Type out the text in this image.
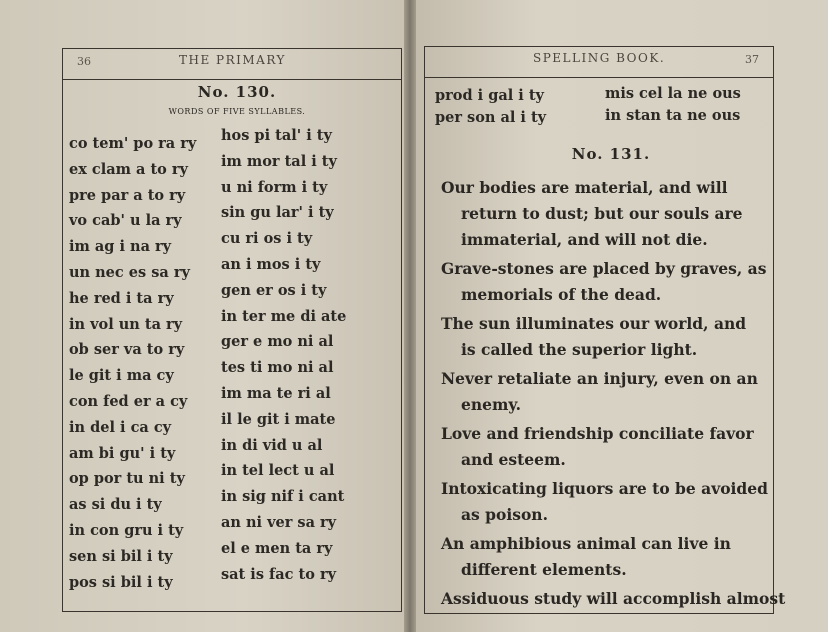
36	THE PRIMARY
No. 130.
WORDS OF FIVE SYLLABLES.
co tem' po ra ry
ex clam a to ry
pre par a to ry
vo cab' u la ry
im ag i na ry
un nec es sa ry
he red i ta ry
in vol un ta ry
ob ser va to ry
le git i ma cy
con fed er a cy
in del i ca cy
am bi gu' i ty
op por tu ni ty
as si du i ty
in con gru i ty
sen si bil i ty
pos si bil i ty
hos pi tal' i ty
im mor tal i ty
u ni form i ty
sin gu lar' i ty
cu ri os i ty
an i mos i ty
gen er os i ty
in ter me di ate
ger e mo ni al
tes ti mo ni al
im ma te ri al
il le git i mate
in di vid u al
in tel lect u al
in sig nif i cant
an ni ver sa ry
el e men ta ry
sat is fac to ry
SPELLING BOOK.	37
prod i gal i ty
per son al i ty
mis cel la ne ous
in stan ta ne ous
No. 131.
Our bodies are material, and will
return to dust; but our souls are
immaterial, and will not die.
Grave-stones are placed by graves, as
memorials of the dead.
The sun illuminates our world, and
is called the superior light.
Never retaliate an injury, even on an
enemy.
Love and friendship conciliate favor
and esteem.
Intoxicating liquors are to be avoided
as poison.
An amphibious animal can live in
different elements.
Assiduous study will accomplish almost
